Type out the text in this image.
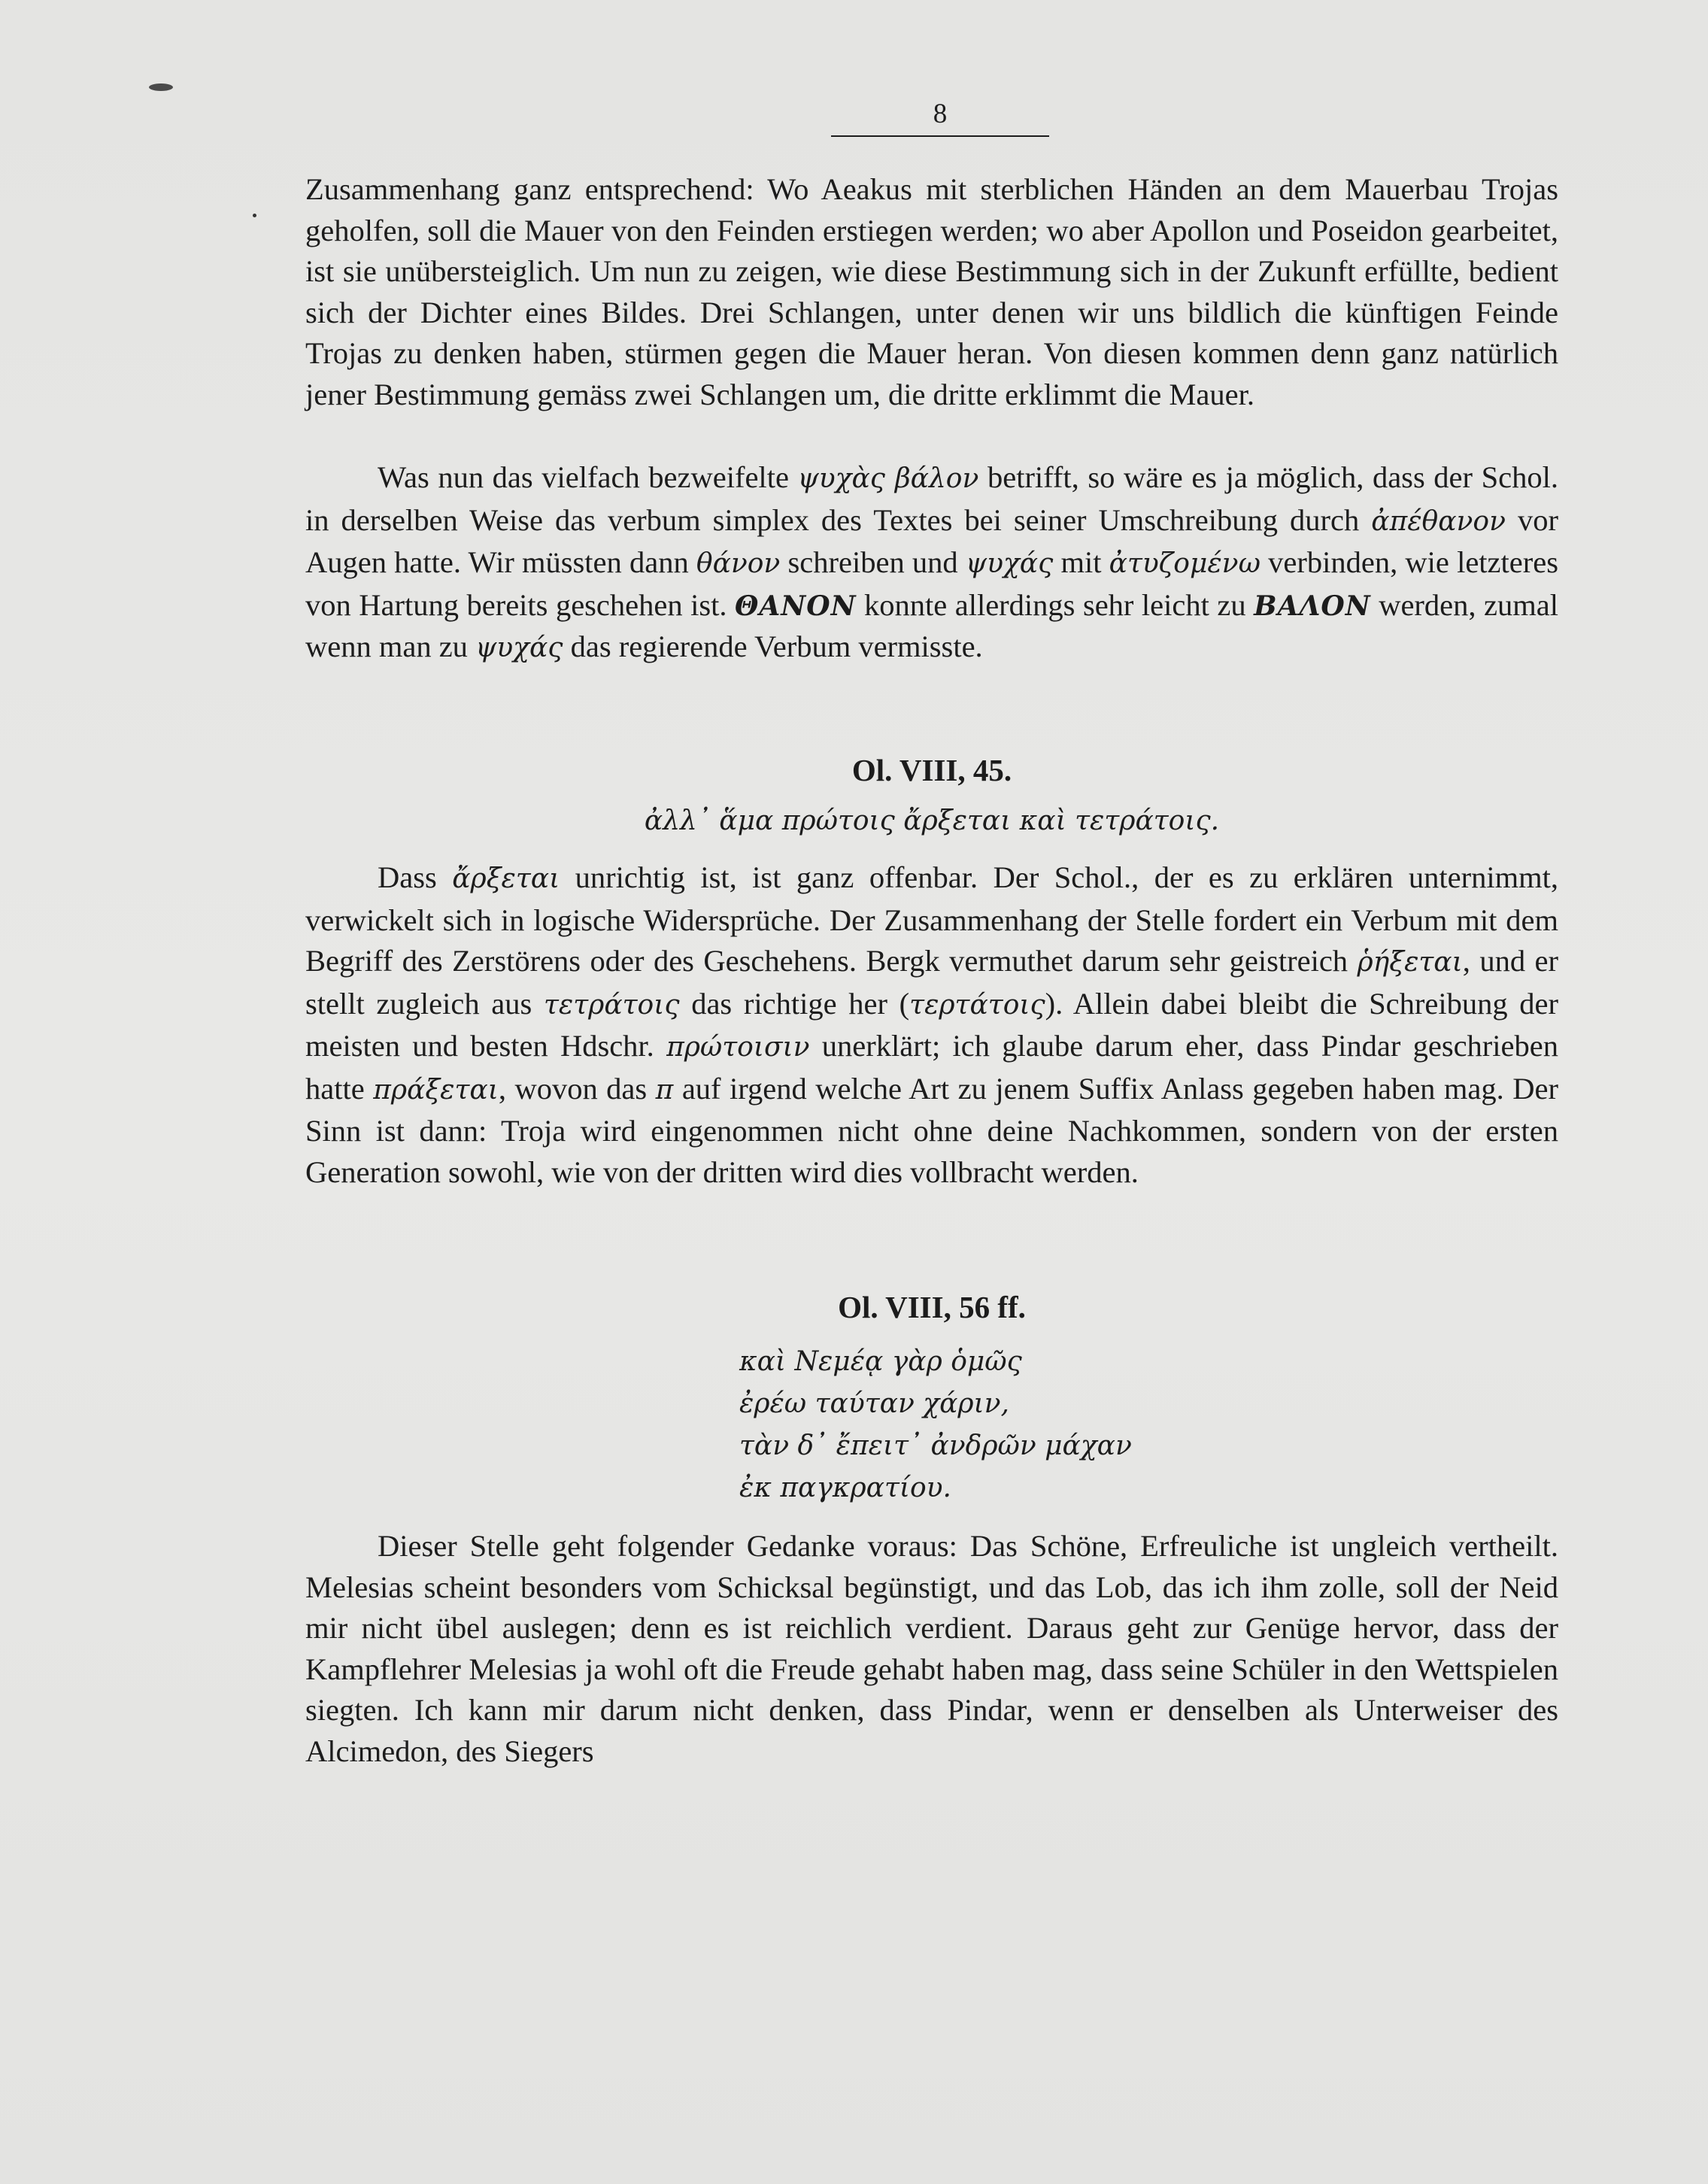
8

Zusammenhang ganz entsprechend: Wo Aeakus mit sterblichen Händen an dem Mauerbau Trojas geholfen, soll die Mauer von den Feinden erstiegen werden; wo aber Apollon und Poseidon gearbeitet, ist sie unübersteiglich. Um nun zu zeigen, wie diese Bestimmung sich in der Zukunft erfüllte, bedient sich der Dichter eines Bildes. Drei Schlangen, unter denen wir uns bildlich die künftigen Feinde Trojas zu denken haben, stürmen gegen die Mauer heran. Von diesen kommen denn ganz natürlich jener Bestimmung gemäss zwei Schlangen um, die dritte erklimmt die Mauer.

Was nun das vielfach bezweifelte ψυχὰς βάλον betrifft, so wäre es ja möglich, dass der Schol. in derselben Weise das verbum simplex des Textes bei seiner Umschreibung durch ἀπέθανον vor Augen hatte. Wir müssten dann θάνον schreiben und ψυχάς mit ἀτυζομένω verbinden, wie letzteres von Hartung bereits geschehen ist. ΘΑΝΟΝ konnte allerdings sehr leicht zu ΒΑΛΟΝ werden, zumal wenn man zu ψυχάς das regierende Verbum vermisste.

Ol. VIII, 45.
ἀλλ᾽ ἅμα πρώτοις ἄρξεται καὶ τετράτοις.

Dass ἄρξεται unrichtig ist, ist ganz offenbar. Der Schol., der es zu erklären unternimmt, verwickelt sich in logische Widersprüche. Der Zusammenhang der Stelle fordert ein Verbum mit dem Begriff des Zerstörens oder des Geschehens. Bergk vermuthet darum sehr geistreich ῥήξεται, und er stellt zugleich aus τετράτοις das richtige her (τερτάτοις). Allein dabei bleibt die Schreibung der meisten und besten Hdschr. πρώτοισιν unerklärt; ich glaube darum eher, dass Pindar geschrieben hatte πράξεται, wovon das π auf irgend welche Art zu jenem Suffix Anlass gegeben haben mag. Der Sinn ist dann: Troja wird eingenommen nicht ohne deine Nachkommen, sondern von der ersten Generation sowohl, wie von der dritten wird dies vollbracht werden.

Ol. VIII, 56 ff.
καὶ Νεμέᾳ γὰρ ὁμῶς
ἐρέω ταύταν χάριν,
τὰν δ᾽ ἔπειτ᾽ ἀνδρῶν μάχαν
ἐκ παγκρατίου.

Dieser Stelle geht folgender Gedanke voraus: Das Schöne, Erfreuliche ist ungleich vertheilt. Melesias scheint besonders vom Schicksal begünstigt, und das Lob, das ich ihm zolle, soll der Neid mir nicht übel auslegen; denn es ist reichlich verdient. Daraus geht zur Genüge hervor, dass der Kampflehrer Melesias ja wohl oft die Freude gehabt haben mag, dass seine Schüler in den Wettspielen siegten. Ich kann mir darum nicht denken, dass Pindar, wenn er denselben als Unterweiser des Alcimedon, des Siegers
